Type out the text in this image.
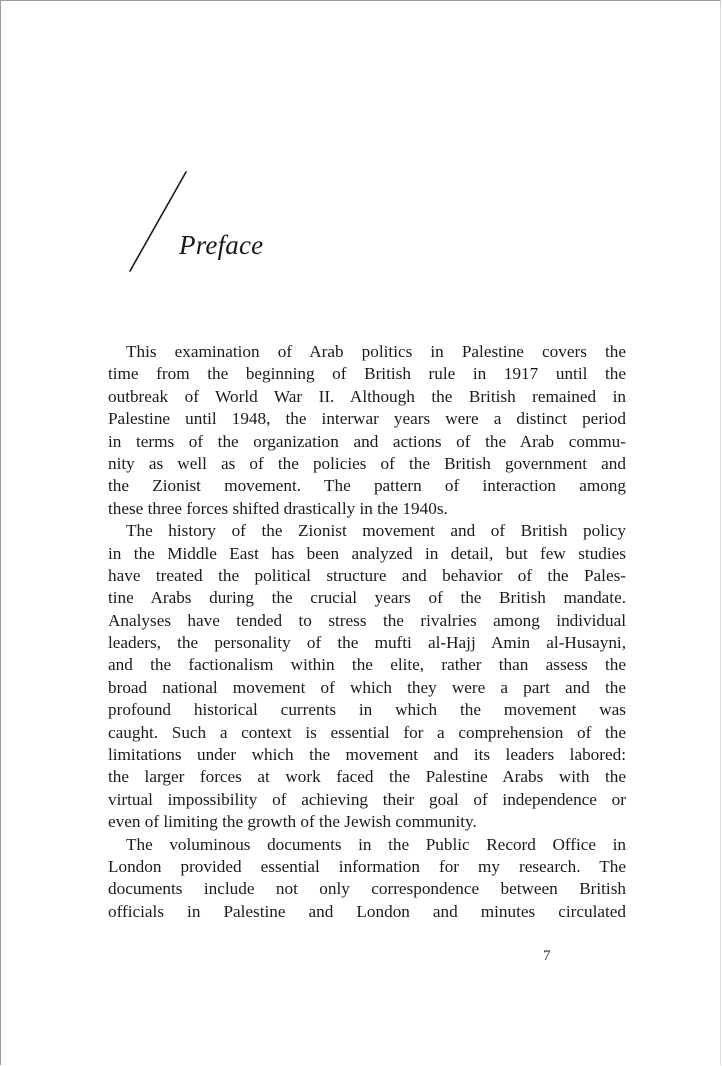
Preface
This examination of Arab politics in Palestine covers the
time from the beginning of British rule in 1917 until the
outbreak of World War II. Although the British remained in
Palestine until 1948, the interwar years were a distinct period
in terms of the organization and actions of the Arab commu-
nity as well as of the policies of the British government and
the Zionist movement. The pattern of interaction among
these three forces shifted drastically in the 1940s.
The history of the Zionist movement and of British policy
in the Middle East has been analyzed in detail, but few studies
have treated the political structure and behavior of the Pales-
tine Arabs during the crucial years of the British mandate.
Analyses have tended to stress the rivalries among individual
leaders, the personality of the mufti al-Hajj Amin al-Husayni,
and the factionalism within the elite, rather than assess the
broad national movement of which they were a part and the
profound historical currents in which the movement was
caught. Such a context is essential for a comprehension of the
limitations under which the movement and its leaders labored:
the larger forces at work faced the Palestine Arabs with the
virtual impossibility of achieving their goal of independence or
even of limiting the growth of the Jewish community.
The voluminous documents in the Public Record Office in
London provided essential information for my research. The
documents include not only correspondence between British
officials in Palestine and London and minutes circulated
7
